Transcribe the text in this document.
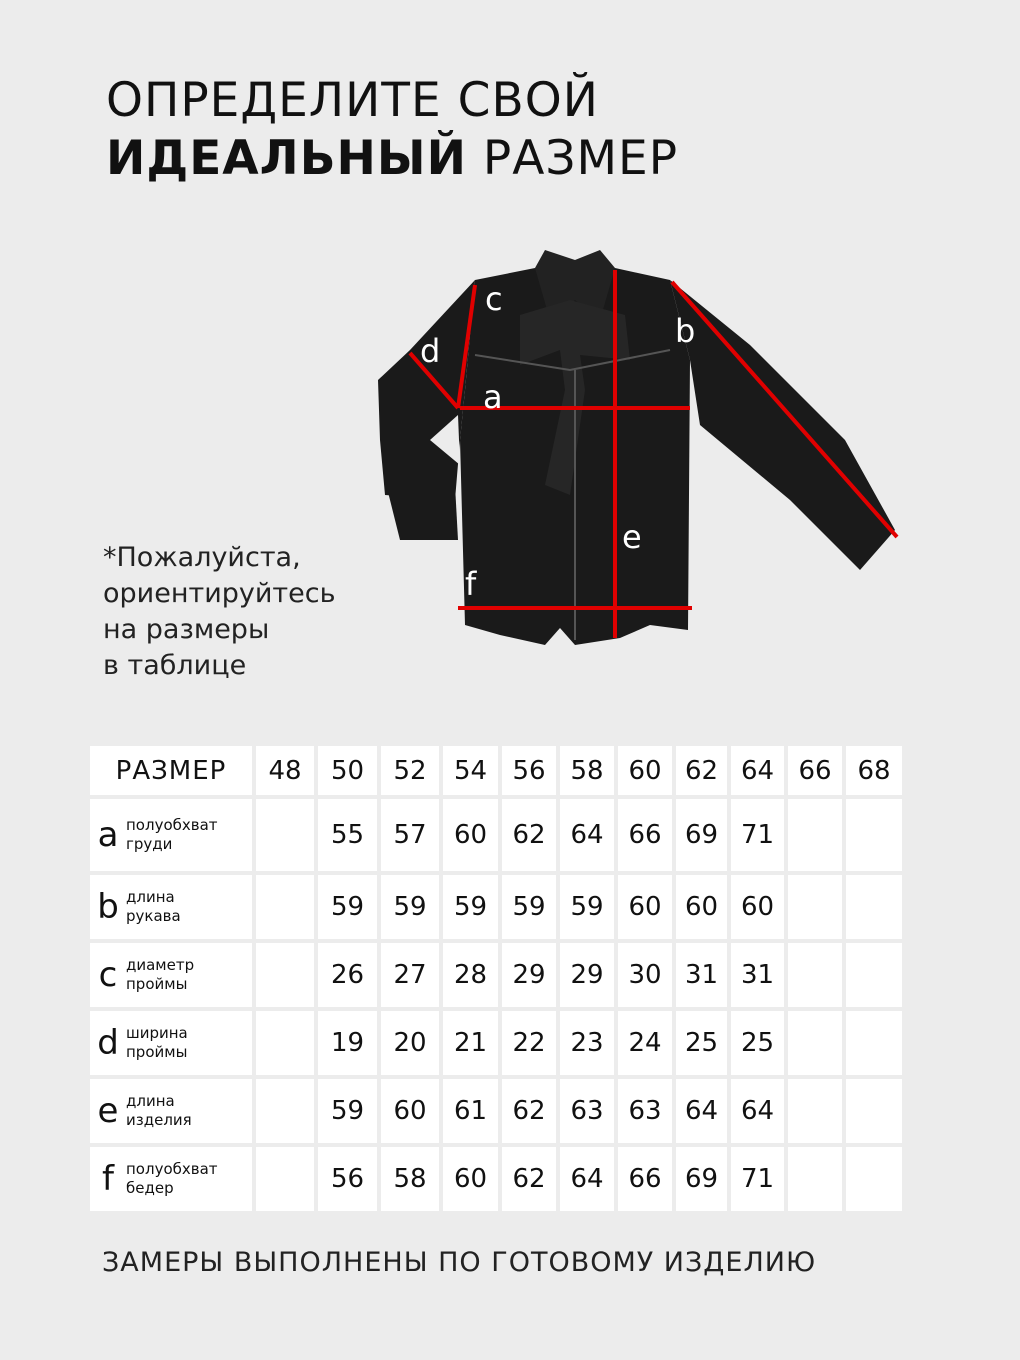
ОПРЕДЕЛИТЕ СВОЙ
ИДЕАЛЬНЫЙ РАЗМЕР
*Пожалуйста,
ориентируйтесь
на размеры
в таблице
a
b
c
d
e
f
РАЗМЕР	48	50	52	54	56	58	60	62	64	66	68

a полуобхват
груди		55	57	60	62	64	66	69	71		

b длина
рукава		59	59	59	59	59	60	60	60		

c диаметр
проймы		26	27	28	29	29	30	31	31		

d ширина
проймы		19	20	21	22	23	24	25	25		

e длина
изделия		59	60	61	62	63	63	64	64		

f полуобхват
бедер		56	58	60	62	64	66	69	71		
ЗАМЕРЫ ВЫПОЛНЕНЫ ПО ГОТОВОМУ ИЗДЕЛИЮ
